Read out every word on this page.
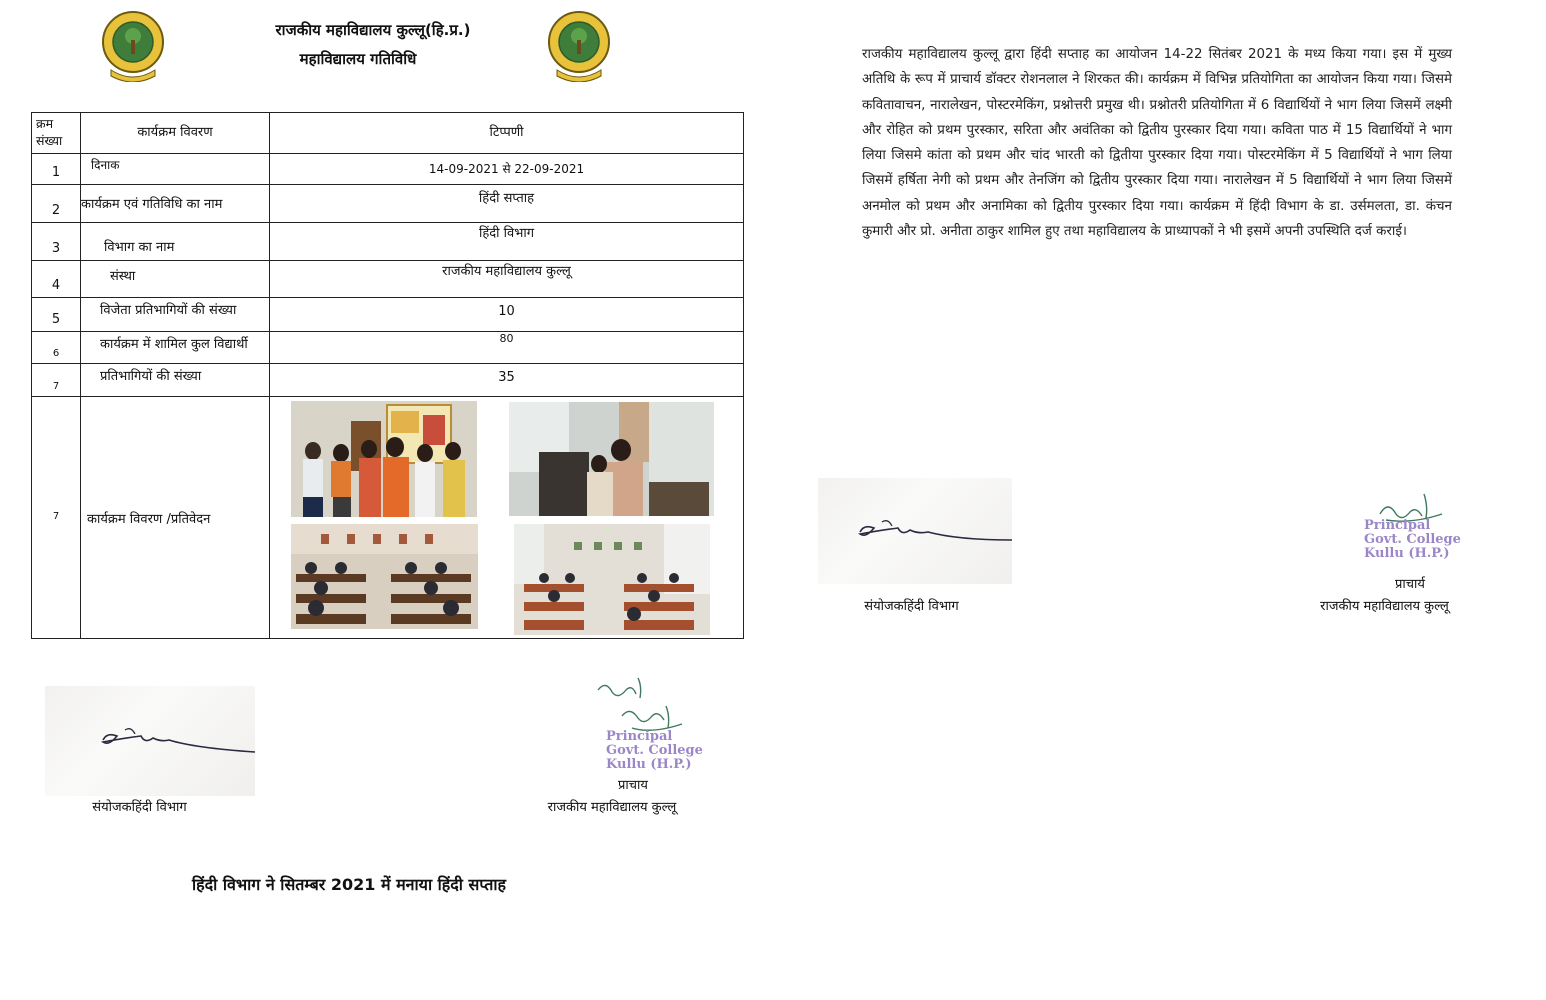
राजकीय महाविद्यालय कुल्लू(हि.प्र.)
महाविद्यालय गतिविधि
क्रम संख्या	कार्यक्रम विवरण	टिप्पणी
1	दिनाक	14-09-2021 से 22-09-2021
2	कार्यक्रम एवं गतिविधि का नाम	हिंदी सप्ताह
3	विभाग का नाम	हिंदी विभाग
4	संस्था	राजकीय महाविद्यालय कुल्लू
5	विजेता प्रतिभागियों की संख्या	10
6	कार्यक्रम में शामिल कुल विद्यार्थी	80
7	प्रतिभागियों की संख्या	35
7	कार्यक्रम विवरण /प्रतिवेदन	
संयोजकहिंदी विभाग
Principal
Govt. College
Kullu (H.P.)
प्राचाय
राजकीय महाविद्यालय कुल्लू
हिंदी विभाग ने सितम्बर 2021 में मनाया हिंदी सप्ताह
राजकीय महाविद्यालय कुल्लू द्वारा हिंदी सप्ताह का आयोजन 14-22 सितंबर 2021 के मध्य किया गया। इस में मुख्य अतिथि के रूप में प्राचार्य डॉक्टर रोशनलाल ने शिरकत की। कार्यक्रम में विभिन्न प्रतियोगिता का आयोजन किया गया। जिसमे कवितावाचन, नारालेखन, पोस्टरमेकिंग, प्रश्नोत्तरी प्रमुख थी। प्रश्नोतरी प्रतियोगिता में 6 विद्यार्थियों ने भाग लिया जिसमें लक्ष्मी और रोहित को प्रथम पुरस्कार, सरिता और अवंतिका को द्वितीय पुरस्कार दिया गया। कविता पाठ में 15 विद्यार्थियों ने भाग लिया जिसमे कांता को प्रथम और चांद भारती को द्वितीया पुरस्कार दिया गया। पोस्टरमेकिंग में 5 विद्यार्थियों ने भाग लिया जिसमें हर्षिता नेगी को प्रथम और तेनजिंग को द्वितीय पुरस्कार दिया गया। नारालेखन में 5 विद्यार्थियों ने भाग लिया जिसमें अनमोल को प्रथम और अनामिका को द्वितीय पुरस्कार दिया गया। कार्यक्रम में हिंदी विभाग के डा. उर्समलता, डा. कंचन कुमारी और प्रो. अनीता ठाकुर शामिल हुए तथा महाविद्यालय के प्राध्यापकों ने भी इसमें अपनी उपस्थिति दर्ज कराई।
संयोजकहिंदी विभाग
Principal
Govt. College
Kullu (H.P.)
प्राचार्य
राजकीय महाविद्यालय कुल्लू
